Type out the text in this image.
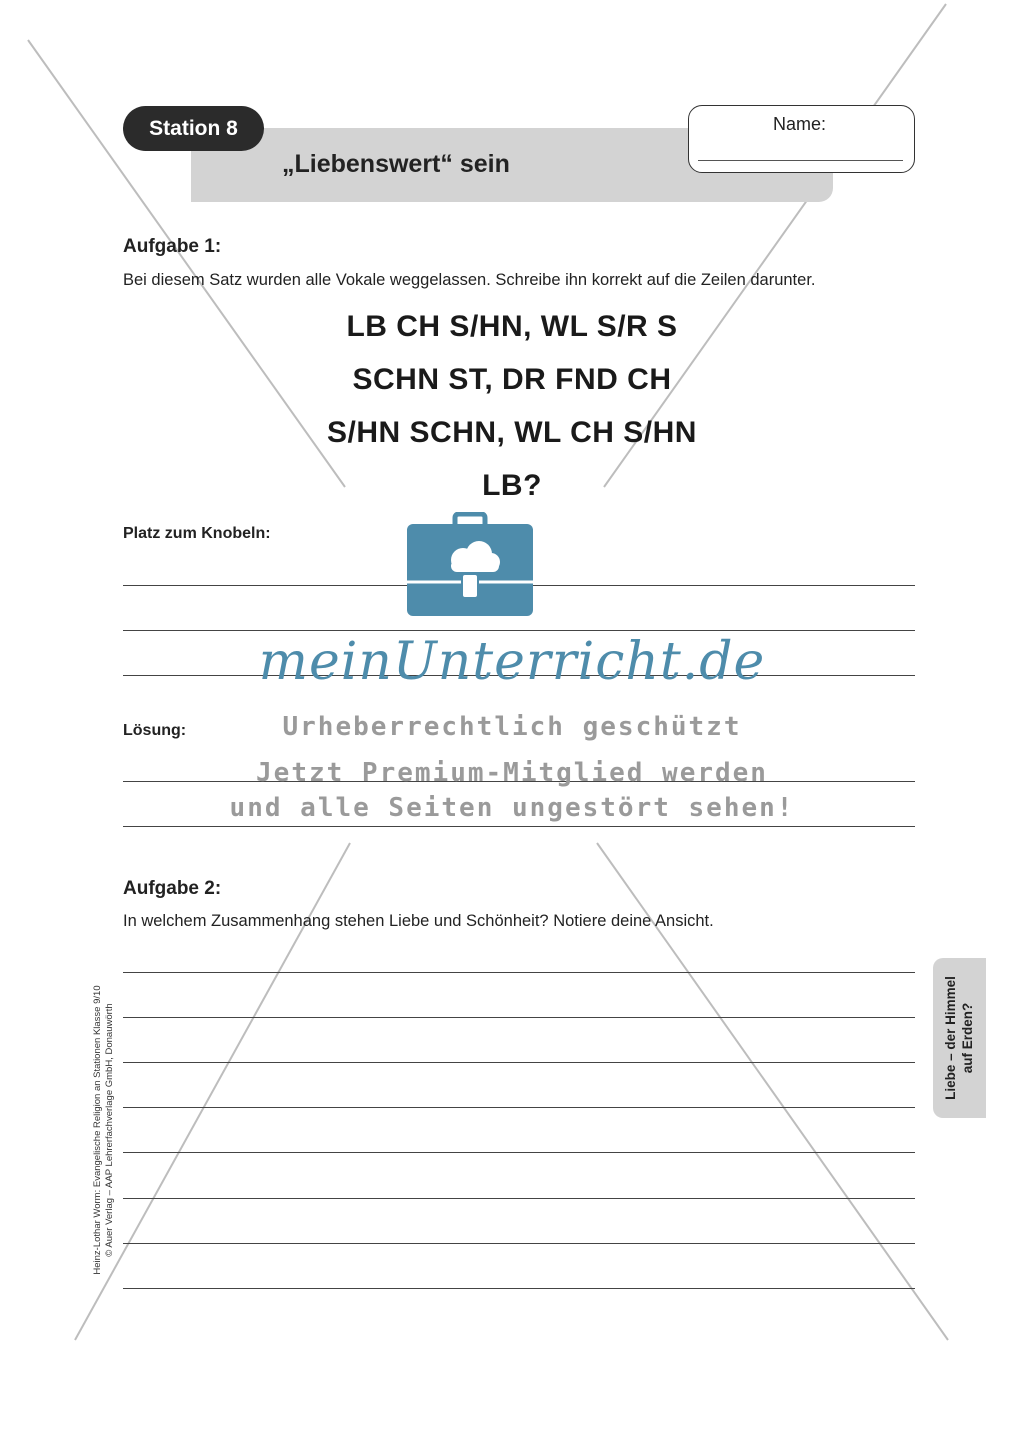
Station 8
„Liebenswert“ sein
Name:
Aufgabe 1:
Bei diesem Satz wurden alle Vokale weggelassen. Schreibe ihn korrekt auf die Zeilen darunter.
LB CH S/HN, WL S/R S
SCHN ST, DR FND CH
S/HN SCHN, WL CH S/HN
LB?
Platz zum Knobeln:
Lösung:
Aufgabe 2:
In welchem Zusammenhang stehen Liebe und Schönheit? Notiere deine Ansicht.
Liebe – der Himmel auf Erden?
Heinz-Lothar Worm: Evangelische Religion an Stationen Klasse 9/10 © Auer Verlag – AAP Lehrerfachverlage GmbH, Donauwörth
meinUnterricht.de
Urheberrechtlich geschützt
Jetzt Premium-Mitglied werden
und alle Seiten ungestört sehen!
